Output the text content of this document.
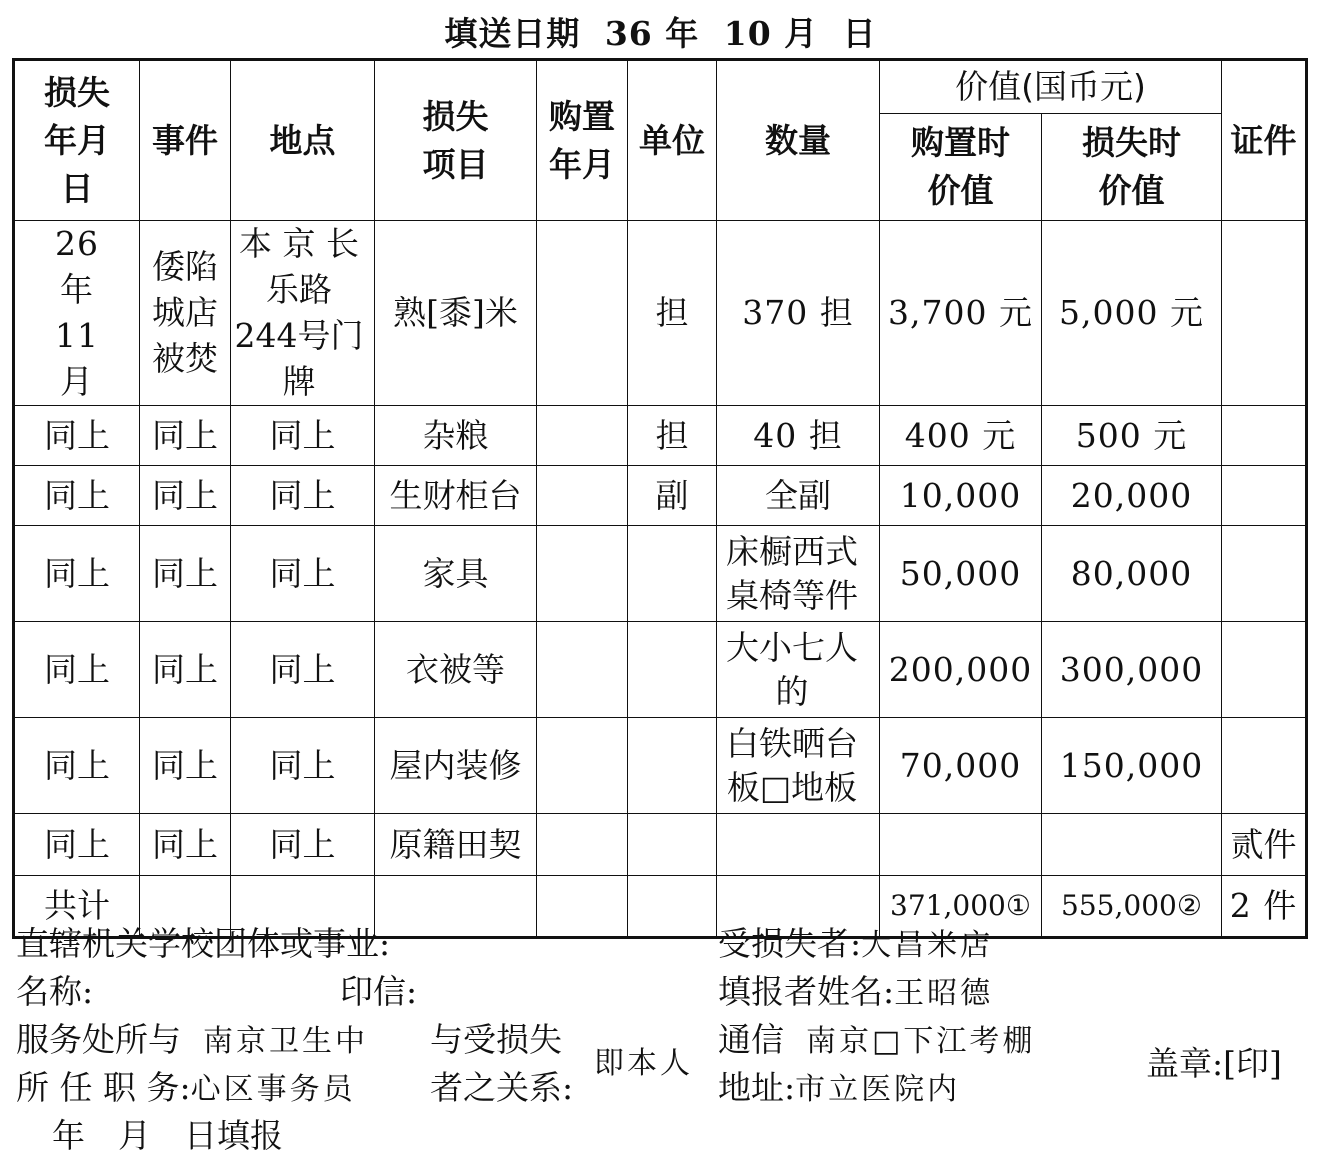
填送日期 36 年 10 月 日
损失年月日	事件	地点	损失项目	购置年月	单位	数量	价值(国币元)		证件

							购置时价值	损失时价值	

26 年 11 月	倭陷城店被焚	本 京 长乐路 244号门牌	熟[黍]米		担	370 担	3,700 元	5,000 元	
同上	同上	同上	杂粮		担	40 担	400 元	500 元	
同上	同上	同上	生财柜台		副	全副	10,000	20,000	
同上	同上	同上	家具			床橱西式桌椅等件	50,000	80,000	
同上	同上	同上	衣被等			大小七人的	200,000	300,000	
同上	同上	同上	屋内装修			白铁晒台板□地板	70,000	150,000	
同上	同上	同上	原籍田契						贰件
共计							371,000①	555,000②	2 件
直辖机关学校团体或事业:
名称:	印信:
服务处所与 南京卫生中
所 任 职 务:心区事务员
与受损失
者之关系:
即本人
受损失者:大昌米店
填报者姓名:王昭德
通信 南京□下江考棚
地址:市立医院内
盖章:[印]
年　月　日填报
